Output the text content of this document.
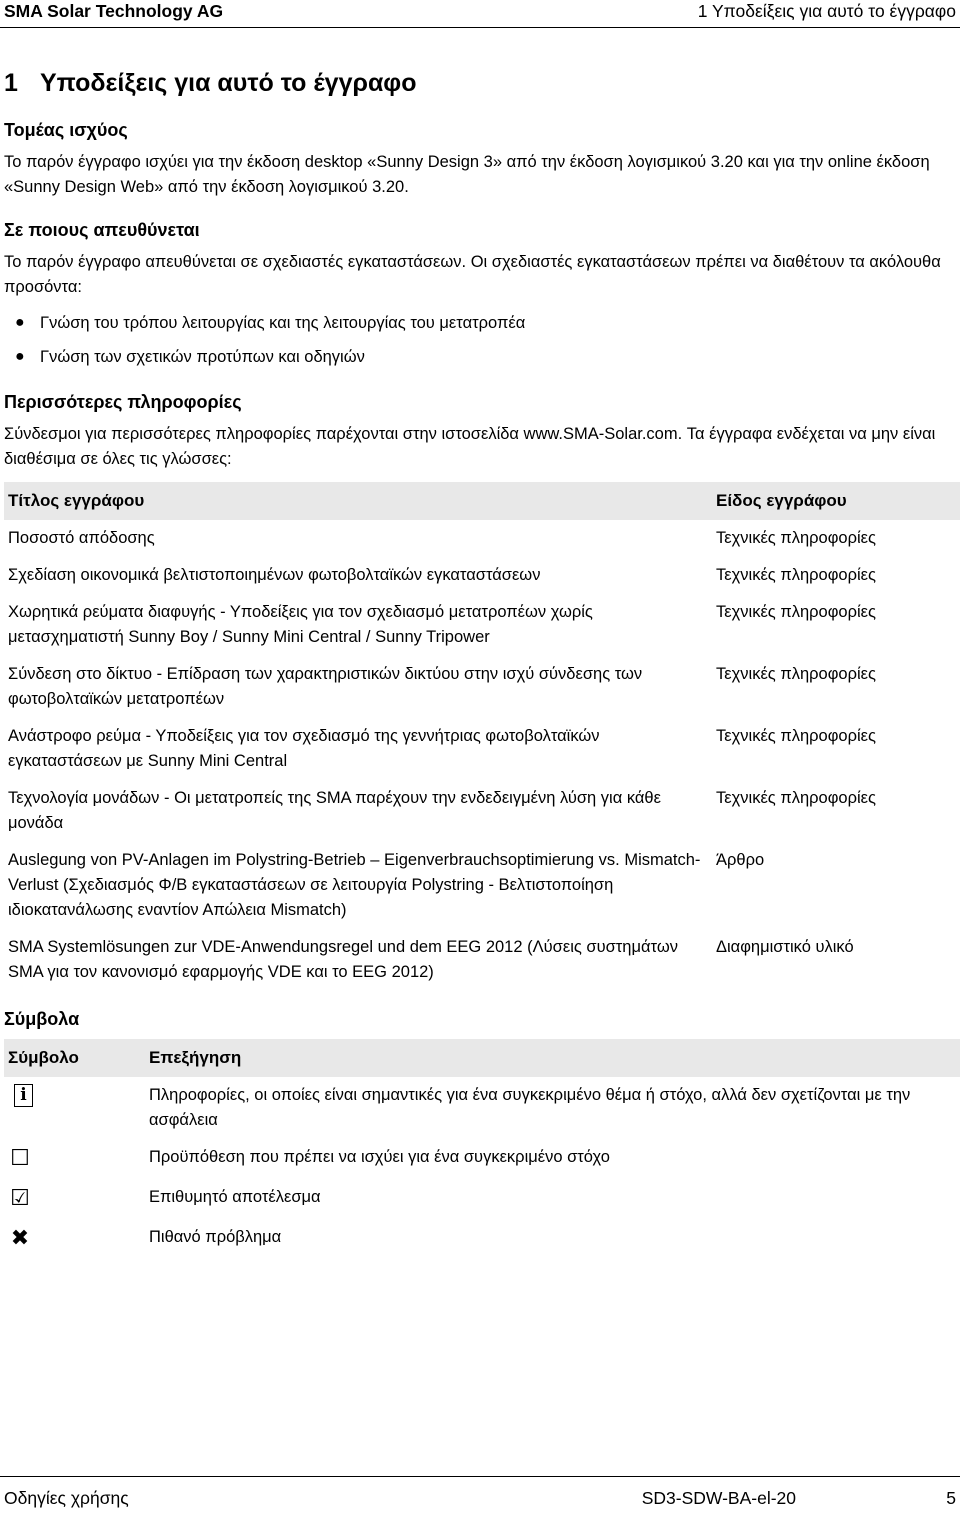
SMA Solar Technology AG	1 Υποδείξεις για αυτό το έγγραφο
1 Υποδείξεις για αυτό το έγγραφο
Τομέας ισχύος

Το παρόν έγγραφο ισχύει για την έκδοση desktop «Sunny Design 3» από την έκδοση λογισμικού 3.20 και για την online έκδοση «Sunny Design Web» από την έκδοση λογισμικού 3.20.

Σε ποιους απευθύνεται

Το παρόν έγγραφο απευθύνεται σε σχεδιαστές εγκαταστάσεων. Οι σχεδιαστές εγκαταστάσεων πρέπει να διαθέτουν τα ακόλουθα προσόντα:

● Γνώση του τρόπου λειτουργίας και της λειτουργίας του μετατροπέα
● Γνώση των σχετικών προτύπων και οδηγιών
Περισσότερες πληροφορίες

Σύνδεσμοι για περισσότερες πληροφορίες παρέχονται στην ιστοσελίδα www.SMA-Solar.com. Τα έγγραφα ενδέχεται να μην είναι διαθέσιμα σε όλες τις γλώσσες:

Τίτλος εγγράφου	Είδος εγγράφου
Ποσοστό απόδοσης	Τεχνικές πληροφορίες
Σχεδίαση οικονομικά βελτιστοποιημένων φωτοβολταϊκών εγκαταστάσεων	Τεχνικές πληροφορίες
Χωρητικά ρεύματα διαφυγής - Υποδείξεις για τον σχεδιασμό μετατροπέων χωρίς μετασχηματιστή Sunny Boy / Sunny Mini Central / Sunny Tripower	Τεχνικές πληροφορίες
Σύνδεση στο δίκτυο - Επίδραση των χαρακτηριστικών δικτύου στην ισχύ σύνδεσης των φωτοβολταϊκών μετατροπέων	Τεχνικές πληροφορίες
Ανάστροφο ρεύμα - Υποδείξεις για τον σχεδιασμό της γεννήτριας φωτοβολταϊκών εγκαταστάσεων με Sunny Mini Central	Τεχνικές πληροφορίες
Τεχνολογία μονάδων - Οι μετατροπείς της SMA παρέχουν την ενδεδειγμένη λύση για κάθε μονάδα	Τεχνικές πληροφορίες
Auslegung von PV-Anlagen im Polystring-Betrieb – Eigenverbrauchsoptimierung vs. Mismatch-Verlust (Σχεδιασμός Φ/Β εγκαταστάσεων σε λειτουργία Polystring - Βελτιστοποίηση ιδιοκατανάλωσης εναντίον Απώλεια Mismatch)	Άρθρο
SMA Systemlösungen zur VDE-Anwendungsregel und dem EEG 2012 (Λύσεις συστημάτων SMA για τον κανονισμό εφαρμογής VDE και το EEG 2012)	Διαφημιστικό υλικό
Σύμβολα
Σύμβολο	Επεξήγηση

i	Πληροφορίες, οι οποίες είναι σημαντικές για ένα συγκεκριμένο θέμα ή στόχο, αλλά δεν σχετίζονται με την ασφάλεια
☐	Προϋπόθεση που πρέπει να ισχύει για ένα συγκεκριμένο στόχο
☑	Επιθυμητό αποτέλεσμα
✖	Πιθανό πρόβλημα
Οδηγίες χρήσης	SD3-SDW-BA-el-20	5
